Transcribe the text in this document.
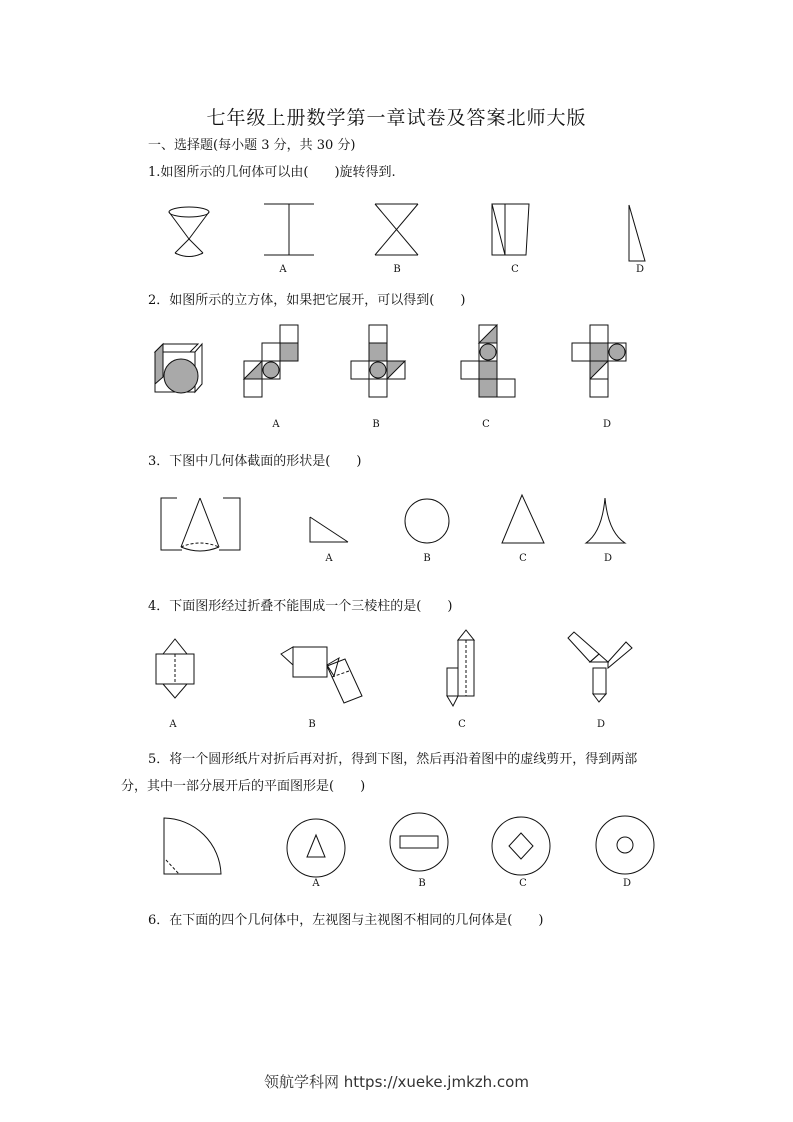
七年级上册数学第一章试卷及答案北师大版
一、选择题(每小题 3 分，共 30 分)
1.如图所示的几何体可以由(　　)旋转得到.
A	B	C	D
2．如图所示的立方体，如果把它展开，可以得到(　　)
A	B	C	D
3．下图中几何体截面的形状是(　　)
A	B	C	D
4．下面图形经过折叠不能围成一个三棱柱的是(　　)
A	B	C	D
5．将一个圆形纸片对折后再对折，得到下图，然后再沿着图中的虚线剪开，得到两部
分，其中一部分展开后的平面图形是(　　)
A	B	C	D
6．在下面的四个几何体中，左视图与主视图不相同的几何体是(　　)
领航学科网 https://xueke.jmkzh.com
